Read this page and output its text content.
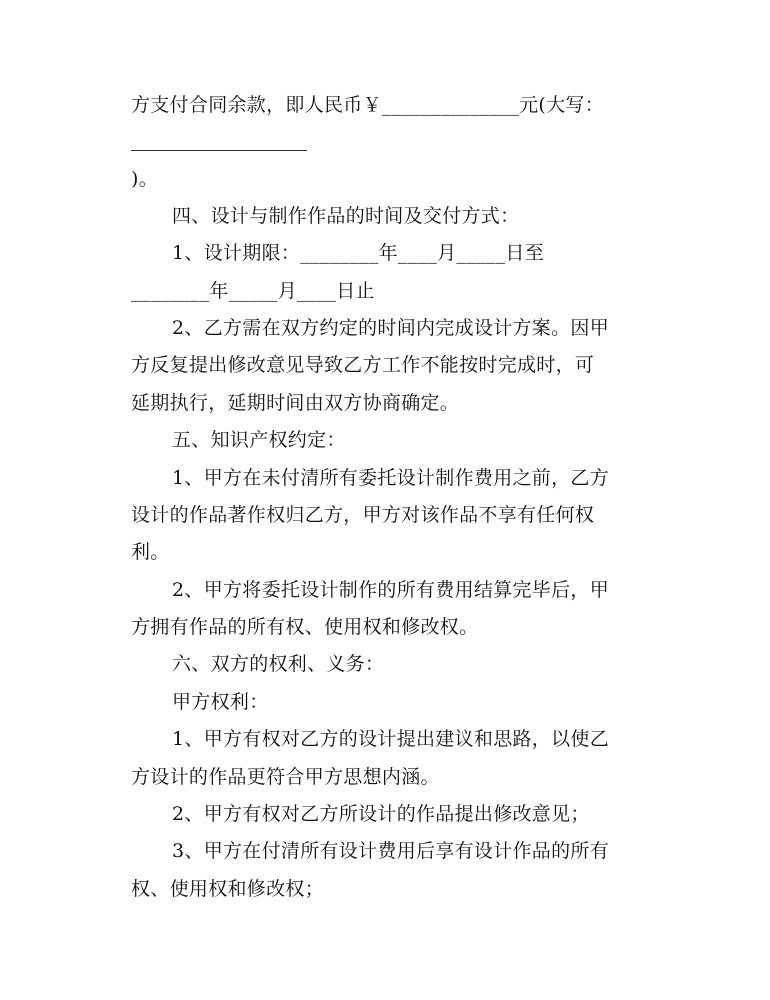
方支付合同余款，即人民币￥______________元(大写：
)。
四、设计与制作作品的时间及交付方式：
1、设计期限：________年____月_____日至
________年_____月____日止
2、乙方需在双方约定的时间内完成设计方案。因甲
方反复提出修改意见导致乙方工作不能按时完成时，可
延期执行，延期时间由双方协商确定。
五、知识产权约定：
1、甲方在未付清所有委托设计制作费用之前，乙方
设计的作品著作权归乙方，甲方对该作品不享有任何权
利。
2、甲方将委托设计制作的所有费用结算完毕后，甲
方拥有作品的所有权、使用权和修改权。
六、双方的权利、义务：
甲方权利：
1、甲方有权对乙方的设计提出建议和思路，以使乙
方设计的作品更符合甲方思想内涵。
2、甲方有权对乙方所设计的作品提出修改意见；
3、甲方在付清所有设计费用后享有设计作品的所有
权、使用权和修改权；
